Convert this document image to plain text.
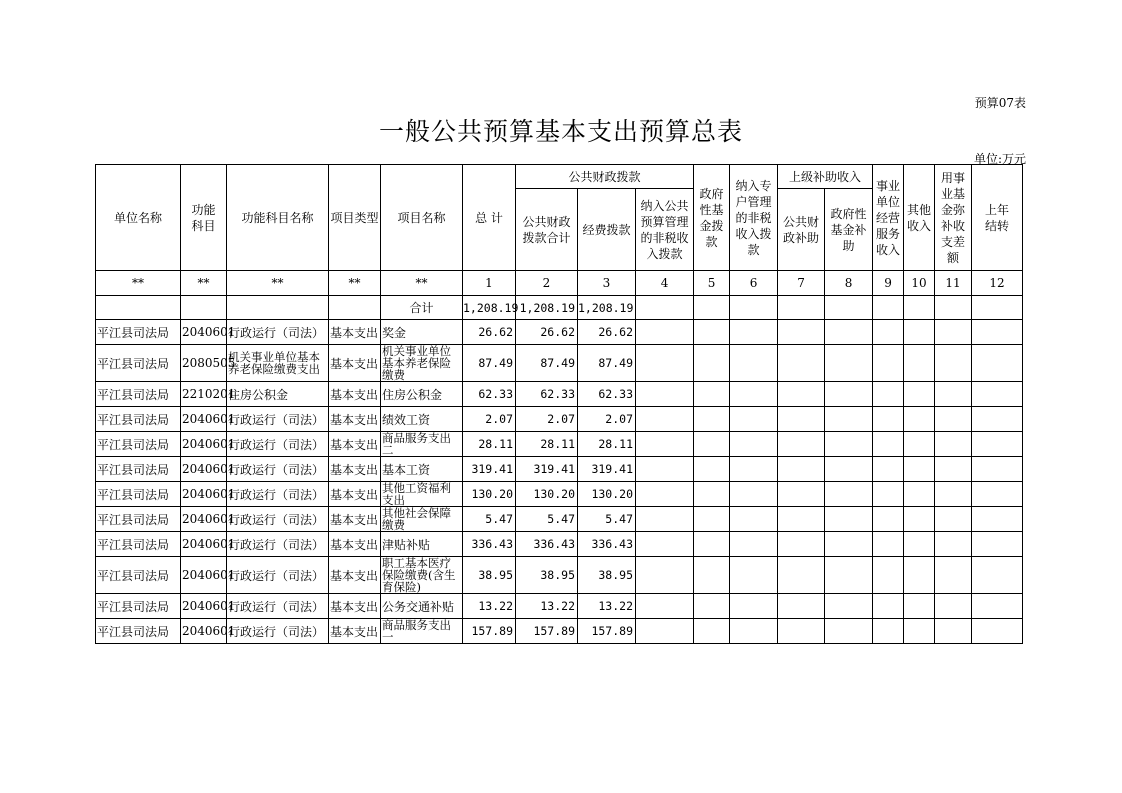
预算07表
一般公共预算基本支出预算总表
单位:万元
单位名称	功能科目	功能科目名称	项目类型	项目名称	总 计	公共财政拨款			政府性基金拨款	纳入专户管理的非税收入拨款	上级补助收入		事业单位经营服务收入	其他收入	用事业基金弥补收支差额	上年结转

						公共财政拨款合计	经费拨款	纳入公共预算管理的非税收入拨款			公共财政补助	政府性基金补助				

**	**	**	**	**	1	2	3	4	5	6	7	8	9	10	11	12
				合计	1,208.19	1,208.19	1,208.19									
平江县司法局	2040601	行政运行（司法）	基本支出	奖金	26.62	26.62	26.62									
平江县司法局	2080505	机关事业单位基本养老保险缴费支出	基本支出	机关事业单位基本养老保险缴费	87.49	87.49	87.49									
平江县司法局	2210201	住房公积金	基本支出	住房公积金	62.33	62.33	62.33									
平江县司法局	2040601	行政运行（司法）	基本支出	绩效工资	2.07	2.07	2.07									
平江县司法局	2040601	行政运行（司法）	基本支出	商品服务支出二	28.11	28.11	28.11									
平江县司法局	2040601	行政运行（司法）	基本支出	基本工资	319.41	319.41	319.41									
平江县司法局	2040601	行政运行（司法）	基本支出	其他工资福利支出	130.20	130.20	130.20									
平江县司法局	2040601	行政运行（司法）	基本支出	其他社会保障缴费	5.47	5.47	5.47									
平江县司法局	2040601	行政运行（司法）	基本支出	津贴补贴	336.43	336.43	336.43									
平江县司法局	2040601	行政运行（司法）	基本支出	职工基本医疗保险缴费(含生育保险)	38.95	38.95	38.95									
平江县司法局	2040601	行政运行（司法）	基本支出	公务交通补贴	13.22	13.22	13.22									
平江县司法局	2040601	行政运行（司法）	基本支出	商品服务支出一	157.89	157.89	157.89									
